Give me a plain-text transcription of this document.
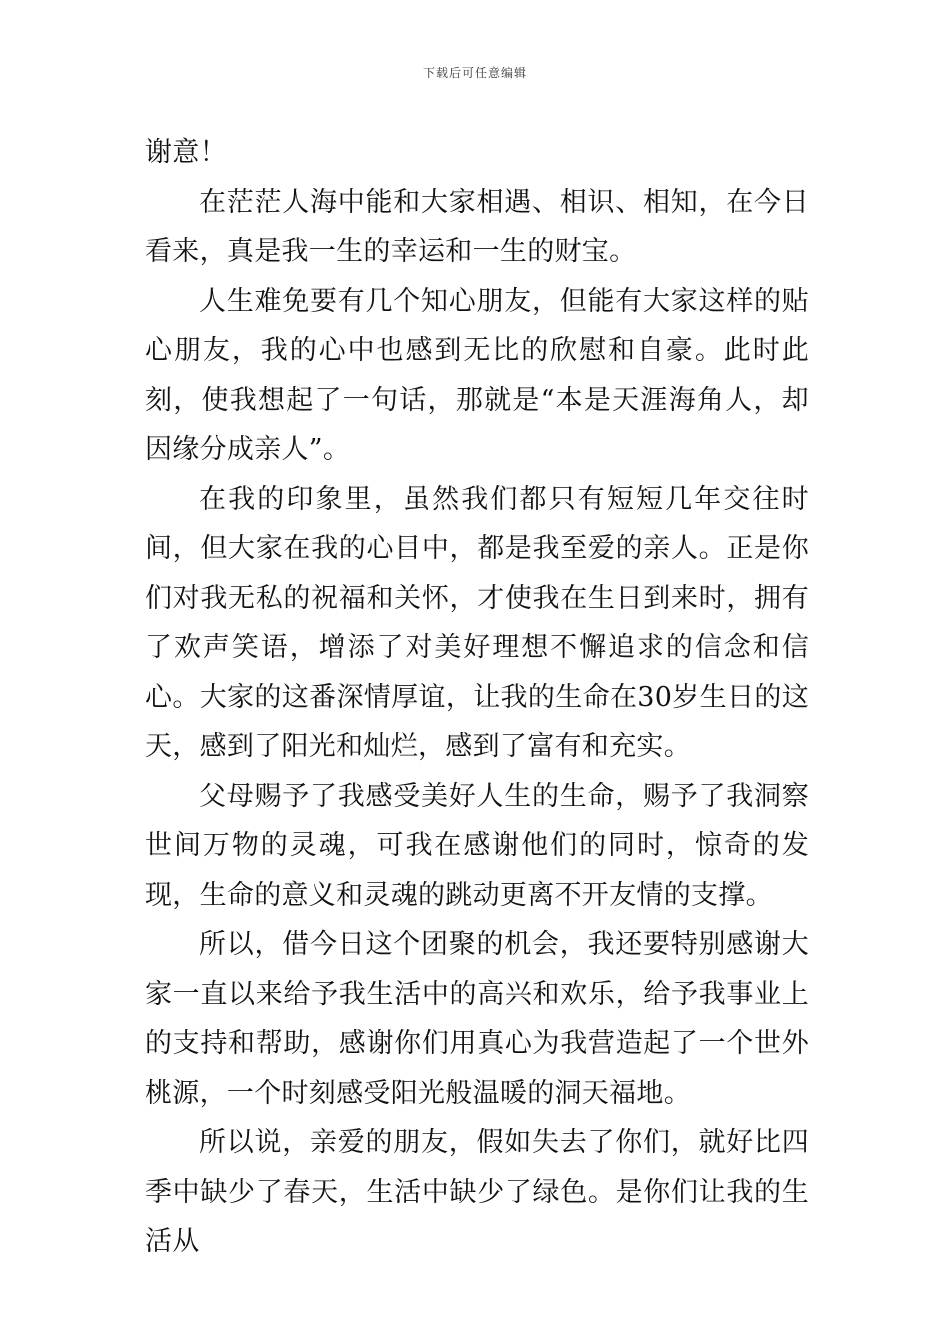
下载后可任意编辑

谢意！

在茫茫人海中能和大家相遇、相识、相知，在今日看来，真是我一生的幸运和一生的财宝。

人生难免要有几个知心朋友，但能有大家这样的贴心朋友，我的心中也感到无比的欣慰和自豪。此时此刻，使我想起了一句话，那就是“本是天涯海角人，却因缘分成亲人”。

在我的印象里，虽然我们都只有短短几年交往时间，但大家在我的心目中，都是我至爱的亲人。正是你们对我无私的祝福和关怀，才使我在生日到来时，拥有了欢声笑语，增添了对美好理想不懈追求的信念和信心。大家的这番深情厚谊，让我的生命在30岁生日的这天，感到了阳光和灿烂，感到了富有和充实。

父母赐予了我感受美好人生的生命，赐予了我洞察世间万物的灵魂，可我在感谢他们的同时，惊奇的发现，生命的意义和灵魂的跳动更离不开友情的支撑。

所以，借今日这个团聚的机会，我还要特别感谢大家一直以来给予我生活中的高兴和欢乐，给予我事业上的支持和帮助，感谢你们用真心为我营造起了一个世外桃源，一个时刻感受阳光般温暖的洞天福地。

所以说，亲爱的朋友，假如失去了你们，就好比四季中缺少了春天，生活中缺少了绿色。是你们让我的生活从
